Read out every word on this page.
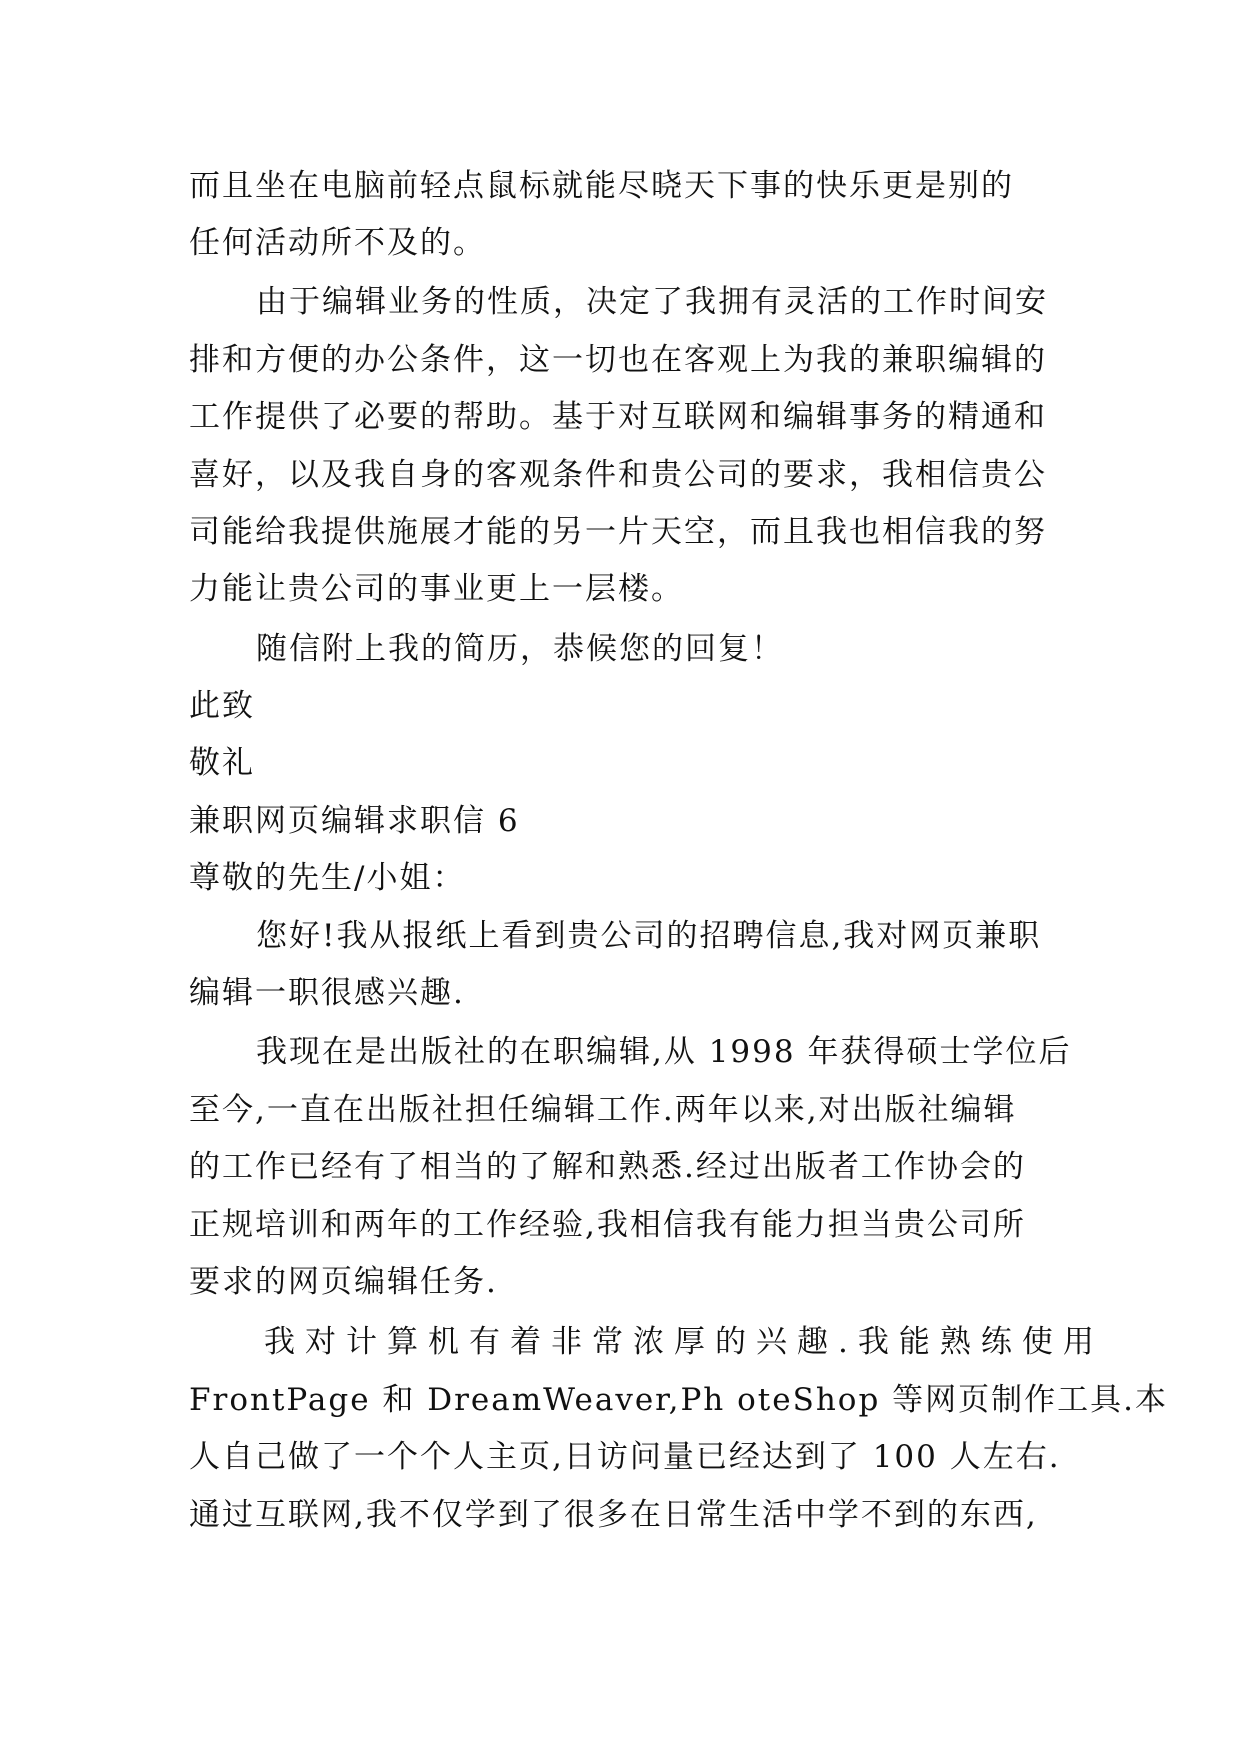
而且坐在电脑前轻点鼠标就能尽晓天下事的快乐更是别的
任何活动所不及的。
由于编辑业务的性质，决定了我拥有灵活的工作时间安
排和方便的办公条件，这一切也在客观上为我的兼职编辑的
工作提供了必要的帮助。基于对互联网和编辑事务的精通和
喜好，以及我自身的客观条件和贵公司的要求，我相信贵公
司能给我提供施展才能的另一片天空，而且我也相信我的努
力能让贵公司的事业更上一层楼。
随信附上我的简历，恭候您的回复！
此致
敬礼
兼职网页编辑求职信 6
尊敬的先生/小姐：
您好!我从报纸上看到贵公司的招聘信息,我对网页兼职
编辑一职很感兴趣.
我现在是出版社的在职编辑,从 1998 年获得硕士学位后
至今,一直在出版社担任编辑工作.两年以来,对出版社编辑
的工作已经有了相当的了解和熟悉.经过出版者工作协会的
正规培训和两年的工作经验,我相信我有能力担当贵公司所
要求的网页编辑任务.
我对计算机有着非常浓厚的兴趣.我能熟练使用
FrontPage 和 DreamWeaver,Ph oteShop 等网页制作工具.本
人自己做了一个个人主页,日访问量已经达到了 100 人左右.
通过互联网,我不仅学到了很多在日常生活中学不到的东西,
